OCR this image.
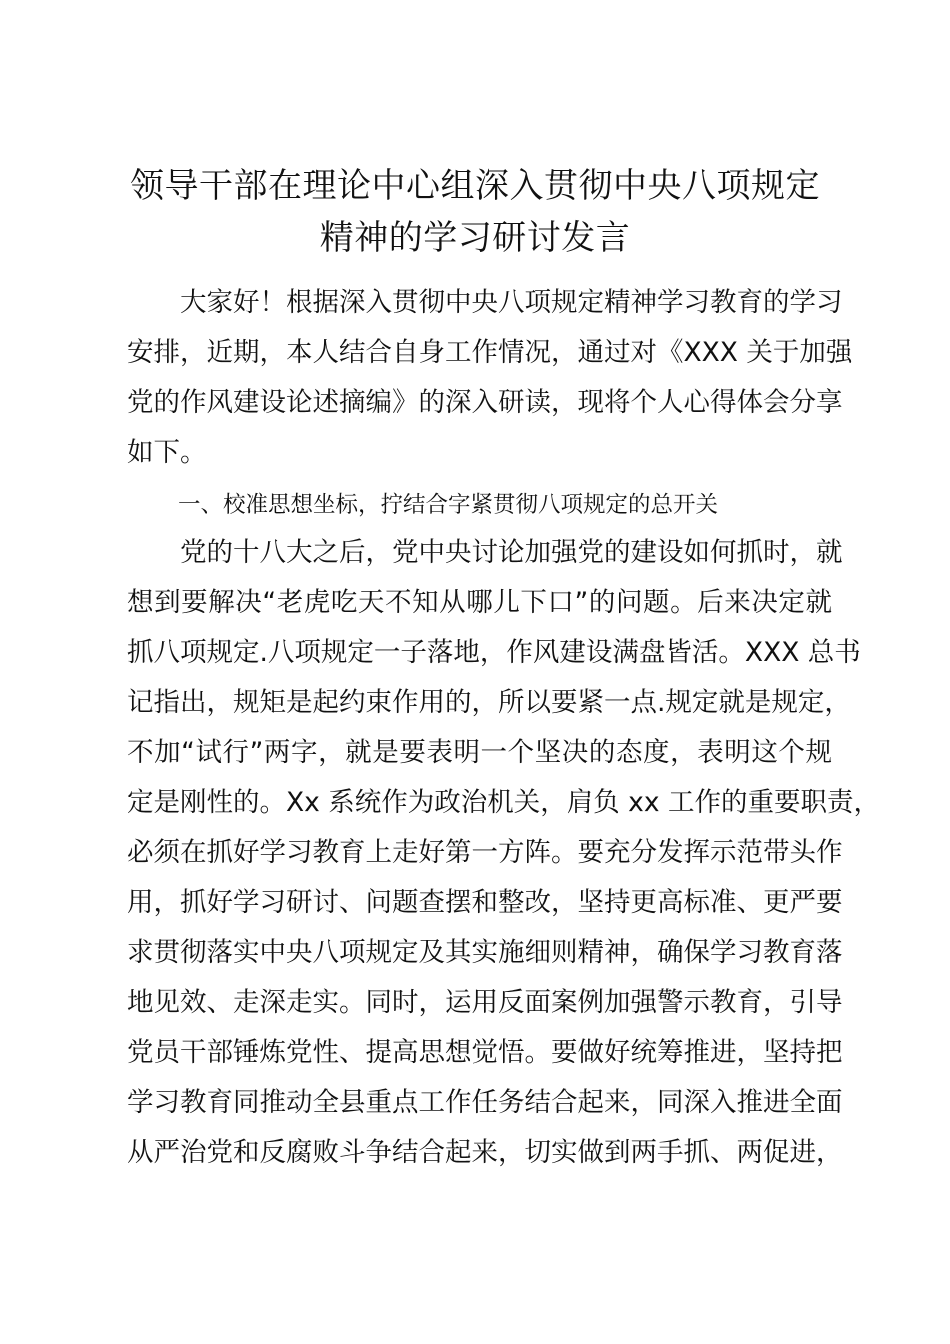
领导干部在理论中心组深入贯彻中央八项规定
精神的学习研讨发言
　　大家好！根据深入贯彻中央八项规定精神学习教育的学习
安排，近期，本人结合自身工作情况，通过对《XXX 关于加强
党的作风建设论述摘编》的深入研读，现将个人心得体会分享
如下。
一、校准思想坐标，拧结合字紧贯彻八项规定的总开关
　　党的十八大之后，党中央讨论加强党的建设如何抓时，就
想到要解决“老虎吃天不知从哪儿下口”的问题。后来决定就
抓八项规定.八项规定一子落地，作风建设满盘皆活。XXX 总书
记指出，规矩是起约束作用的，所以要紧一点.规定就是规定，
不加“试行”两字，就是要表明一个坚决的态度，表明这个规
定是刚性的。Xx 系统作为政治机关，肩负 xx 工作的重要职责，
必须在抓好学习教育上走好第一方阵。要充分发挥示范带头作
用，抓好学习研讨、问题查摆和整改，坚持更高标准、更严要
求贯彻落实中央八项规定及其实施细则精神，确保学习教育落
地见效、走深走实。同时，运用反面案例加强警示教育，引导
党员干部锤炼党性、提高思想觉悟。要做好统筹推进，坚持把
学习教育同推动全县重点工作任务结合起来，同深入推进全面
从严治党和反腐败斗争结合起来，切实做到两手抓、两促进，
